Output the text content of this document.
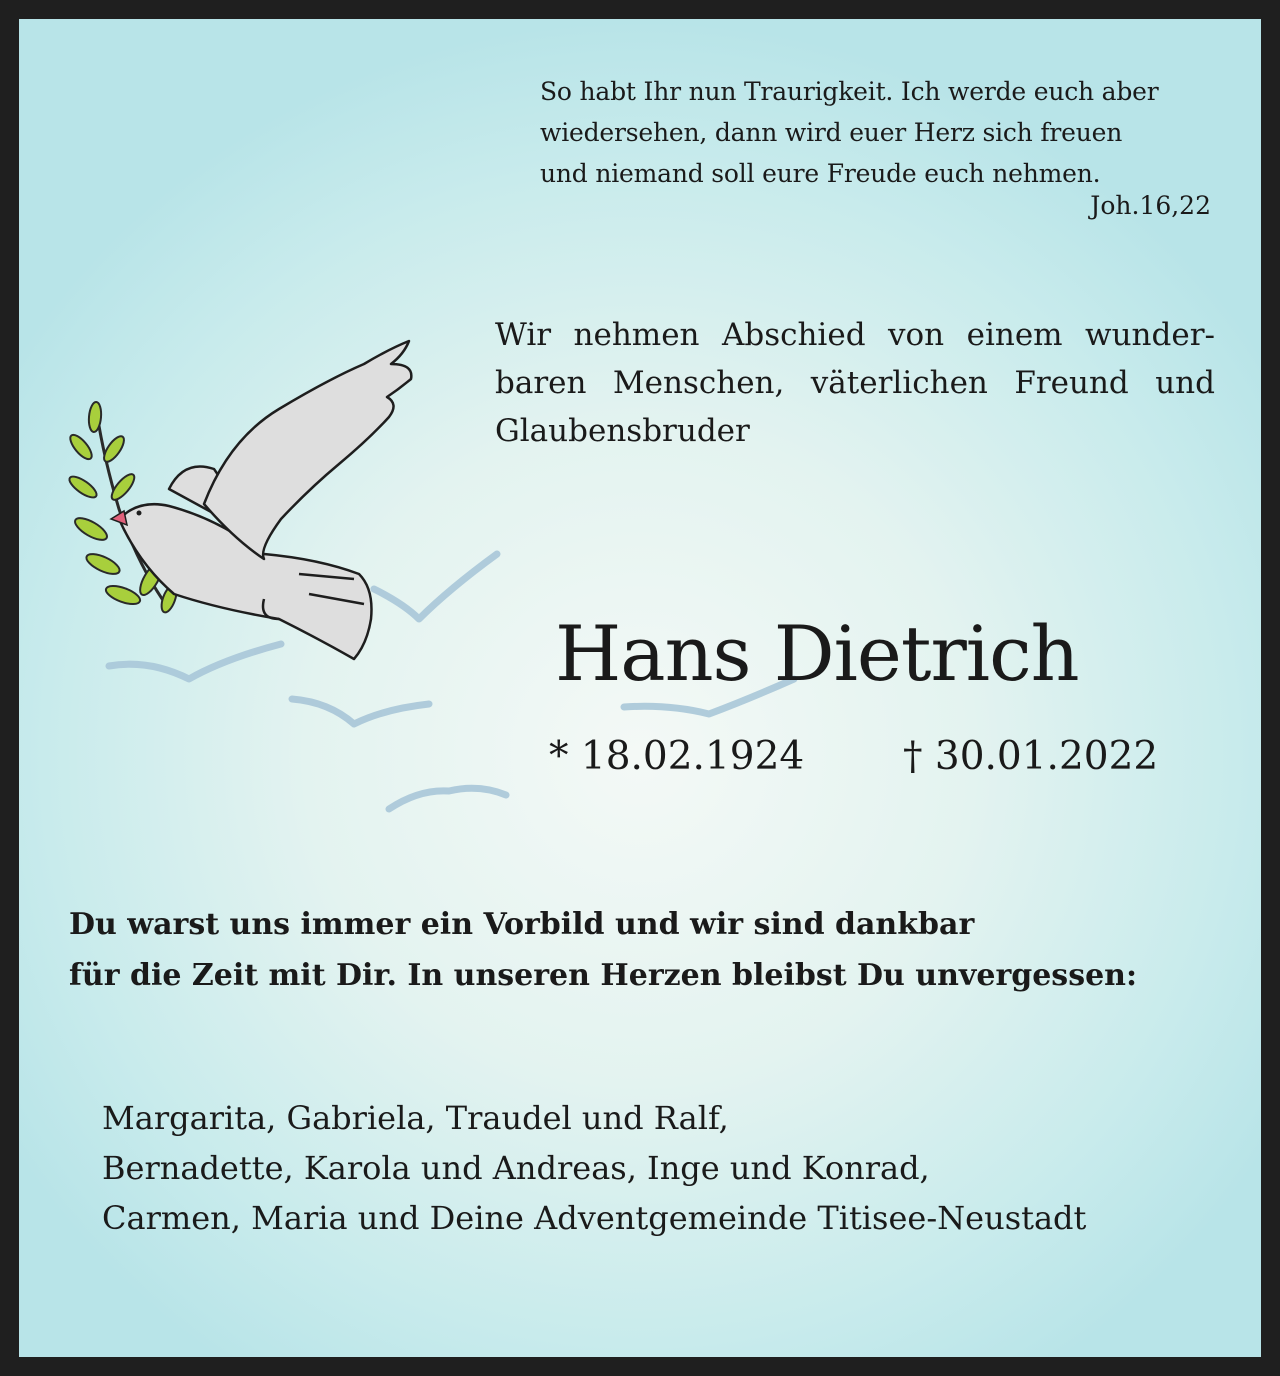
So habt Ihr nun Traurigkeit. Ich werde euch aber
wiedersehen, dann wird euer Herz sich freuen
und niemand soll eure Freude euch nehmen.
Joh.16,22
Wir nehmen Abschied von einem wunder-
baren Menschen, väterlichen Freund und
Glaubensbruder
Hans Dietrich
* 18.02.1924	† 30.01.2022
Du warst uns immer ein Vorbild und wir sind dankbar
für die Zeit mit Dir. In unseren Herzen bleibst Du unvergessen:
Margarita, Gabriela, Traudel und Ralf,
Bernadette, Karola und Andreas, Inge und Konrad,
Carmen, Maria und Deine Adventgemeinde Titisee-Neustadt
